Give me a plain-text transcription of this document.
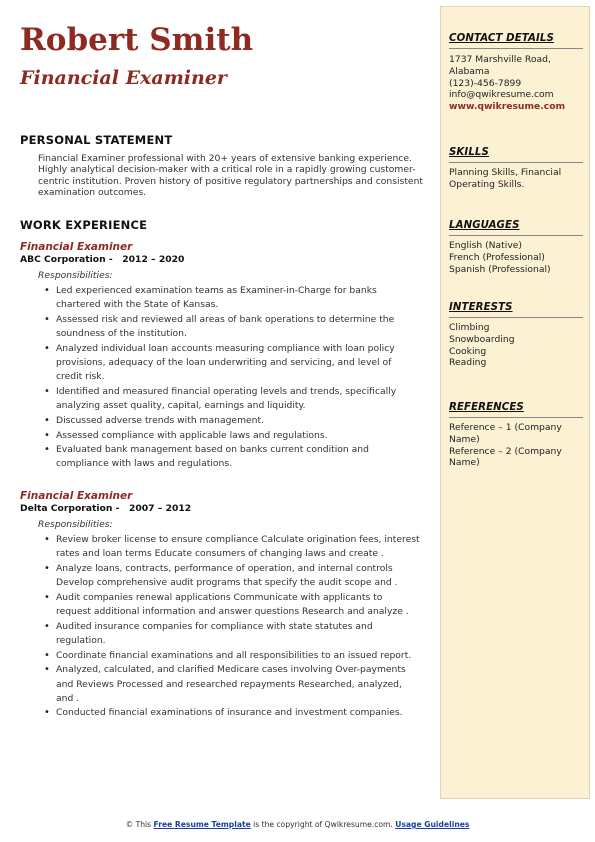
Robert Smith
Financial Examiner
PERSONAL STATEMENT

Financial Examiner professional with 20+ years of extensive banking experience. Highly analytical decision-maker with a critical role in a rapidly growing customer-centric institution. Proven history of positive regulatory partnerships and consistent examination outcomes.

WORK EXPERIENCE
Financial Examiner
ABC Corporation -   2012 – 2020
Responsibilities:
• Led experienced examination teams as Examiner-in-Charge for banks chartered with the State of Kansas.
• Assessed risk and reviewed all areas of bank operations to determine the soundness of the institution.
• Analyzed individual loan accounts measuring compliance with loan policy provisions, adequacy of the loan underwriting and servicing, and level of credit risk.
• Identified and measured financial operating levels and trends, specifically analyzing asset quality, capital, earnings and liquidity.
• Discussed adverse trends with management.
• Assessed compliance with applicable laws and regulations.
• Evaluated bank management based on banks current condition and compliance with laws and regulations.
Financial Examiner
Delta Corporation -   2007 – 2012
Responsibilities:
• Review broker license to ensure compliance Calculate origination fees, interest rates and loan terms Educate consumers of changing laws and create .
• Analyze loans, contracts, performance of operation, and internal controls Develop comprehensive audit programs that specify the audit scope and .
• Audit companies renewal applications Communicate with applicants to request additional information and answer questions Research and analyze .
• Audited insurance companies for compliance with state statutes and regulation.
• Coordinate financial examinations and all responsibilities to an issued report.
• Analyzed, calculated, and clarified Medicare cases involving Over-payments and Reviews Processed and researched repayments Researched, analyzed, and .
• Conducted financial examinations of insurance and investment companies.
CONTACT DETAILS
1737 Marshville Road, Alabama
(123)-456-7899
info@qwikresume.com
www.qwikresume.com
SKILLS
Planning Skills, Financial Operating Skills.
LANGUAGES
English (Native)
French (Professional)
Spanish (Professional)
INTERESTS
Climbing
Snowboarding
Cooking
Reading
REFERENCES
Reference – 1 (Company Name)
Reference – 2 (Company Name)
© This Free Resume Template is the copyright of Qwikresume.com. Usage Guidelines
